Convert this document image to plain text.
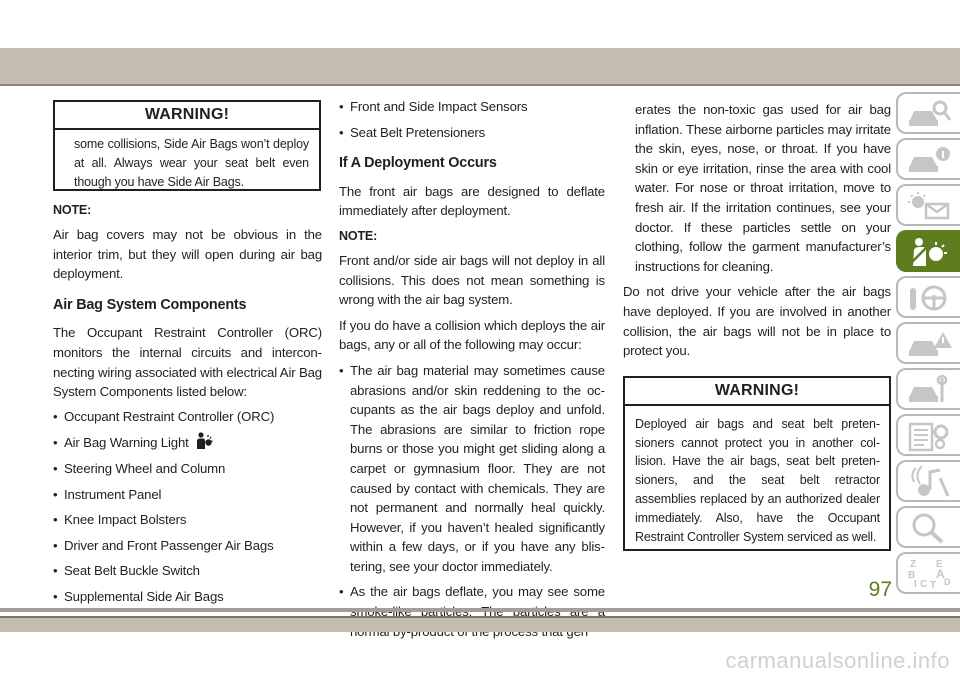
WARNING!
some collisions, Side Air Bags won’t deploy at all. Always wear your seat belt even though you have Side Air Bags.

NOTE:

Air bag covers may not be obvious in the interior trim, but they will open during air bag deployment.

Air Bag System Components

The Occupant Restraint Controller (ORC) monitors the internal circuits and interconnecting wiring associated with electrical Air Bag System Components listed below:

• Occupant Restraint Controller (ORC)

• Air Bag Warning Light

• Steering Wheel and Column

• Instrument Panel

• Knee Impact Bolsters

• Driver and Front Passenger Air Bags

• Seat Belt Buckle Switch

• Supplemental Side Air Bags

• Front and Side Impact Sensors

• Seat Belt Pretensioners

If A Deployment Occurs

The front air bags are designed to deflate immediately after deployment.

NOTE:

Front and/or side air bags will not deploy in all collisions. This does not mean something is wrong with the air bag system.

If you do have a collision which deploys the air bags, any or all of the following may occur:

• The air bag material may sometimes cause abrasions and/or skin reddening to the occupants as the air bags deploy and unfold. The abrasions are similar to friction rope burns or those you might get sliding along a carpet or gymnasium floor. They are not caused by contact with chemicals. They are not permanent and normally heal quickly. However, if you haven’t healed significantly within a few days, or if you have any blistering, see your doctor immediately.

• As the air bags deflate, you may see some

erates the non-toxic gas used for air bag inflation. These airborne particles may irritate the skin, eyes, nose, or throat. If you have skin or eye irritation, rinse the area with cool water. For nose or throat irritation, move to fresh air. If the irritation continues, see your doctor. If these particles settle on your clothing, follow the garment manufacturer’s instructions for cleaning.

Do not drive your vehicle after the air bags have deployed. If you are involved in another collision, the air bags will not be in place to protect you.

WARNING!
Deployed air bags and seat belt pretensioners cannot protect you in another collision. Have the air bags, seat belt pretensioners, and the seat belt retractor assemblies replaced by an authorized dealer immediately. Also, have the Occupant Restraint Controller System serviced as well.
Z E
B A
I C T D
97
carmanualsonline.info
